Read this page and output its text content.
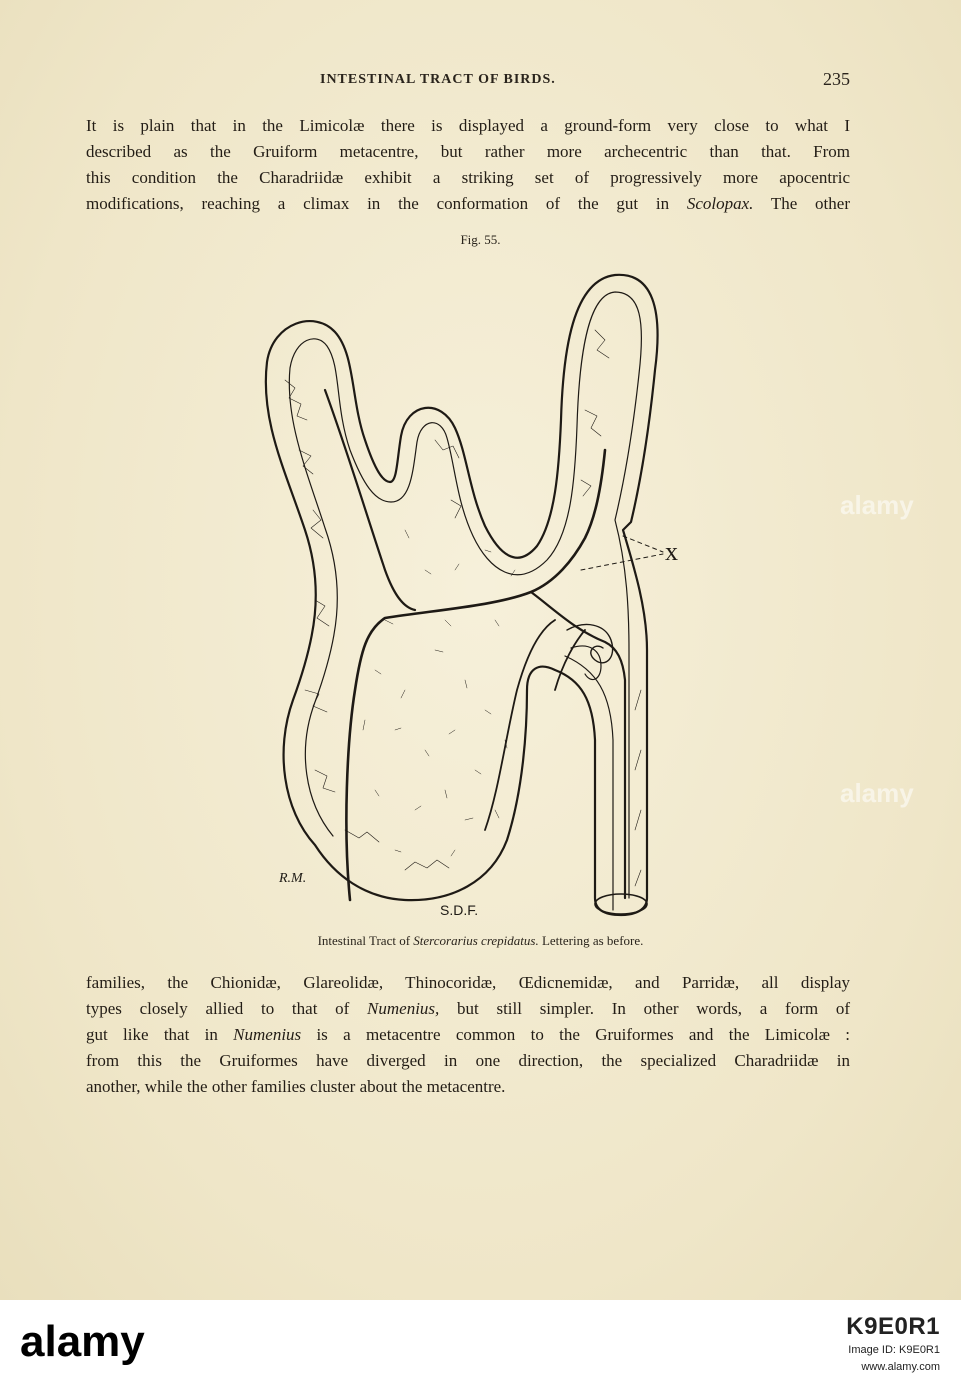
INTESTINAL TRACT OF BIRDS.	235

It is plain that in the Limicolæ there is displayed a ground-form very close to what I
described as the Gruiform metacentre, but rather more archecentric than that. From
this condition the Charadriidæ exhibit a striking set of progressively more apocentric
modifications, reaching a climax in the conformation of the gut in Scolopax. The other

Fig. 55.
x
R.M.
S.D.F.
Intestinal Tract of Stercorarius crepidatus. Lettering as before.

families, the Chionidæ, Glareolidæ, Thinocoridæ, Œdicnemidæ, and Parridæ, all display
types closely allied to that of Numenius, but still simpler. In other words, a form of
gut like that in Numenius is a metacentre common to the Gruiformes and the Limicolæ :
from this the Gruiformes have diverged in one direction, the specialized Charadriidæ in
another, while the other families cluster about the metacentre.

alamy
alamy
alamy	K9E0R1
Image ID: K9E0R1
www.alamy.com
